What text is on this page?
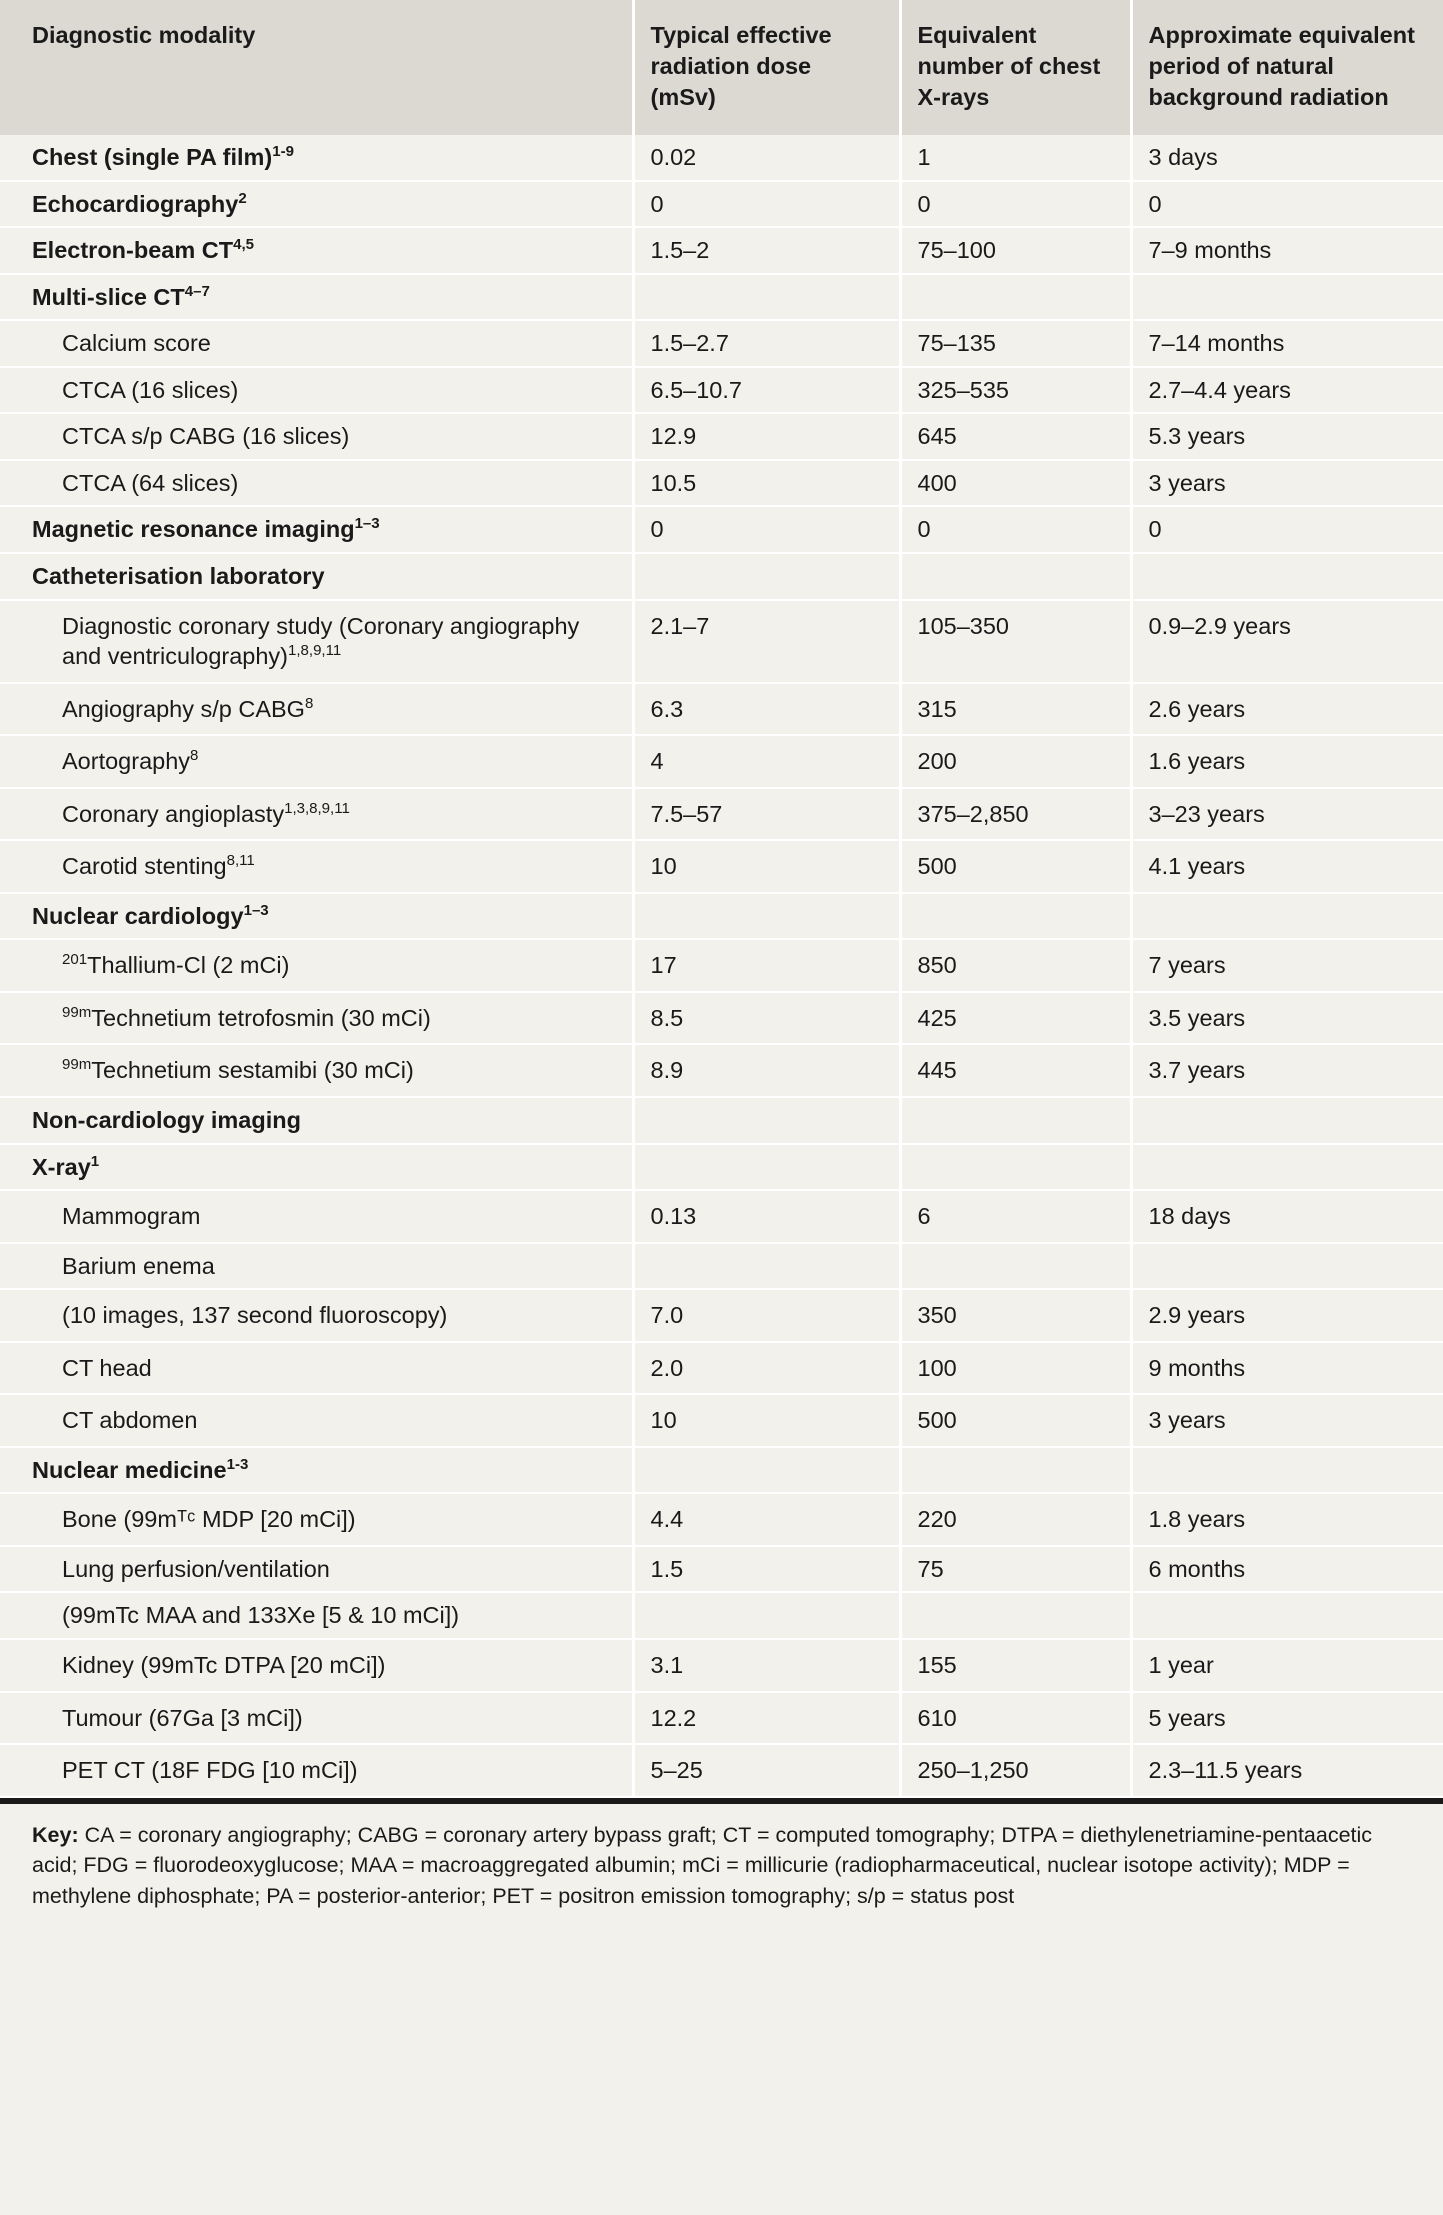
Diagnostic modality	Typical effective radiation dose (mSv)	Equivalent number of chest X-rays	Approximate equivalent period of natural background radiation
Chest (single PA film)$^{1-9}$	0.02	1	3 days
Echocardiography$^2$	0	0	0
Electron-beam CT$^{4,5}$	1.5–2	75–100	7–9 months
Multi-slice CT$^{4-7}$			
Calcium score	1.5–2.7	75–135	7–14 months
CTCA (16 slices)	6.5–10.7	325–535	2.7–4.4 years
CTCA s/p CABG (16 slices)	12.9	645	5.3 years
CTCA (64 slices)	10.5	400	3 years
Magnetic resonance imaging$^{1-3}$	0	0	0
Catheterisation laboratory			
Diagnostic coronary study (Coronary angiography and ventriculography)$^{1,8,9,11}$	2.1–7	105–350	0.9–2.9 years
Angiography s/p CABG$^8$	6.3	315	2.6 years
Aortography$^8$	4	200	1.6 years
Coronary angioplasty$^{1,3,8,9,11}$	7.5–57	375–2,850	3–23 years
Carotid stenting$^{8,11}$	10	500	4.1 years
Nuclear cardiology$^{1-3}$			
$^{201}$Thallium-Cl (2 mCi)	17	850	7 years
$^{99m}$Technetium tetrofosmin (30 mCi)	8.5	425	3.5 years
$^{99m}$Technetium sestamibi (30 mCi)	8.9	445	3.7 years
Non-cardiology imaging			
X-ray$^1$			
Mammogram	0.13	6	18 days
Barium enema			
(10 images, 137 second fluoroscopy)	7.0	350	2.9 years
CT head	2.0	100	9 months
CT abdomen	10	500	3 years
Nuclear medicine$^{1-3}$			
Bone (99mᵀᶜ MDP [20 mCi])	4.4	220	1.8 years
Lung perfusion/ventilation	1.5	75	6 months
(99mTc MAA and 133Xe [5 & 10 mCi])			
Kidney (99mTc DTPA [20 mCi])	3.1	155	1 year
Tumour (67Ga [3 mCi])	12.2	610	5 years
PET CT (18F FDG [10 mCi])	5–25	250–1,250	2.3–11.5 years
Key: CA = coronary angiography; CABG = coronary artery bypass graft; CT = computed tomography; DTPA = diethylenetriamine-pentaacetic acid; FDG = fluorodeoxyglucose; MAA = macroaggregated albumin; mCi = millicurie (radiopharmaceutical, nuclear isotope activity); MDP = methylene diphosphate; PA = posterior-anterior; PET = positron emission tomography; s/p = status post
